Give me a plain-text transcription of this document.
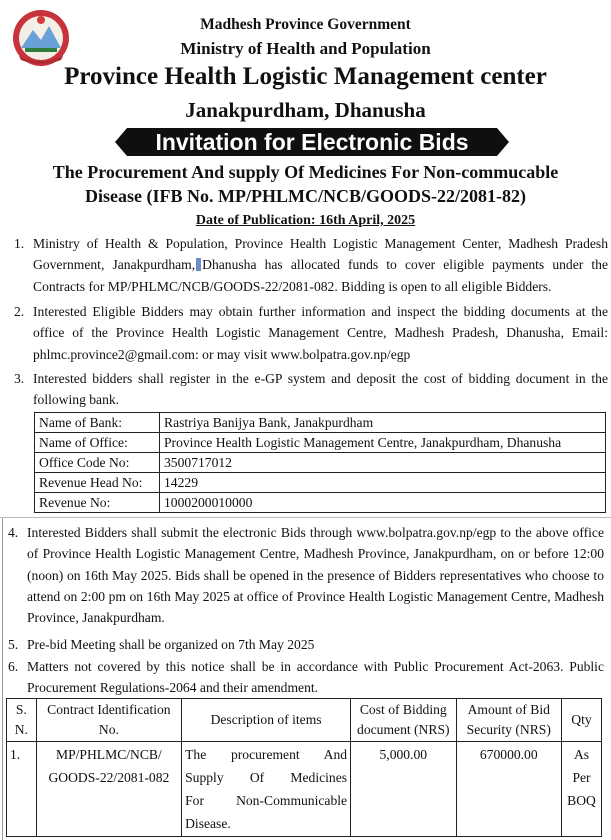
Madhesh Province Government
Ministry of Health and Population
Province Health Logistic Management center
Janakpurdham, Dhanusha
Invitation for Electronic Bids
The Procurement And supply Of Medicines For Non-commucable
Disease (IFB No. MP/PHLMC/NCB/GOODS-22/2081-82)
Date of Publication: 16th April, 2025
1. Ministry of Health & Population, Province Health Logistic Management Center, Madhesh Pradesh Government, Janakpurdham, Dhanusha has allocated funds to cover eligible payments under the Contracts for MP/PHLMC/NCB/GOODS-22/2081-082. Bidding is open to all eligible Bidders.
2. Interested Eligible Bidders may obtain further information and inspect the bidding documents at the office of the Province Health Logistic Management Centre, Madhesh Pradesh, Dhanusha, Email: phlmc.province2@gmail.com: or may visit www.bolpatra.gov.np/egp
3. Interested bidders shall register in the e-GP system and deposit the cost of bidding document in the following bank.
Name of Bank:	Rastriya Banijya Bank, Janakpurdham
Name of Office:	Province Health Logistic Management Centre, Janakpurdham, Dhanusha
Office Code No:	3500717012
Revenue Head No:	14229
Revenue No:	1000200010000
4. Interested Bidders shall submit the electronic Bids through www.bolpatra.gov.np/egp to the above office of Province Health Logistic Management Centre, Madhesh Province, Janakpurdham, on or before 12:00 (noon) on 16th May 2025. Bids shall be opened in the presence of Bidders representatives who choose to attend on 2:00 pm on 16th May 2025 at office of Province Health Logistic Management Centre, Madhesh Province, Janakpurdham.
5. Pre-bid Meeting shall be organized on 7th May 2025
6. Matters not covered by this notice shall be in accordance with Public Procurement Act-2063. Public Procurement Regulations-2064 and their amendment.
S. N.	Contract Identification No.	Description of items	Cost of Bidding document (NRS)	Amount of Bid Security (NRS)	Qty
1.	MP/PHLMC/NCB/ GOODS-22/2081-082	The procurement And
Supply Of Medicines
For Non-Communicable
Disease.	5,000.00	670000.00	As Per BOQ
